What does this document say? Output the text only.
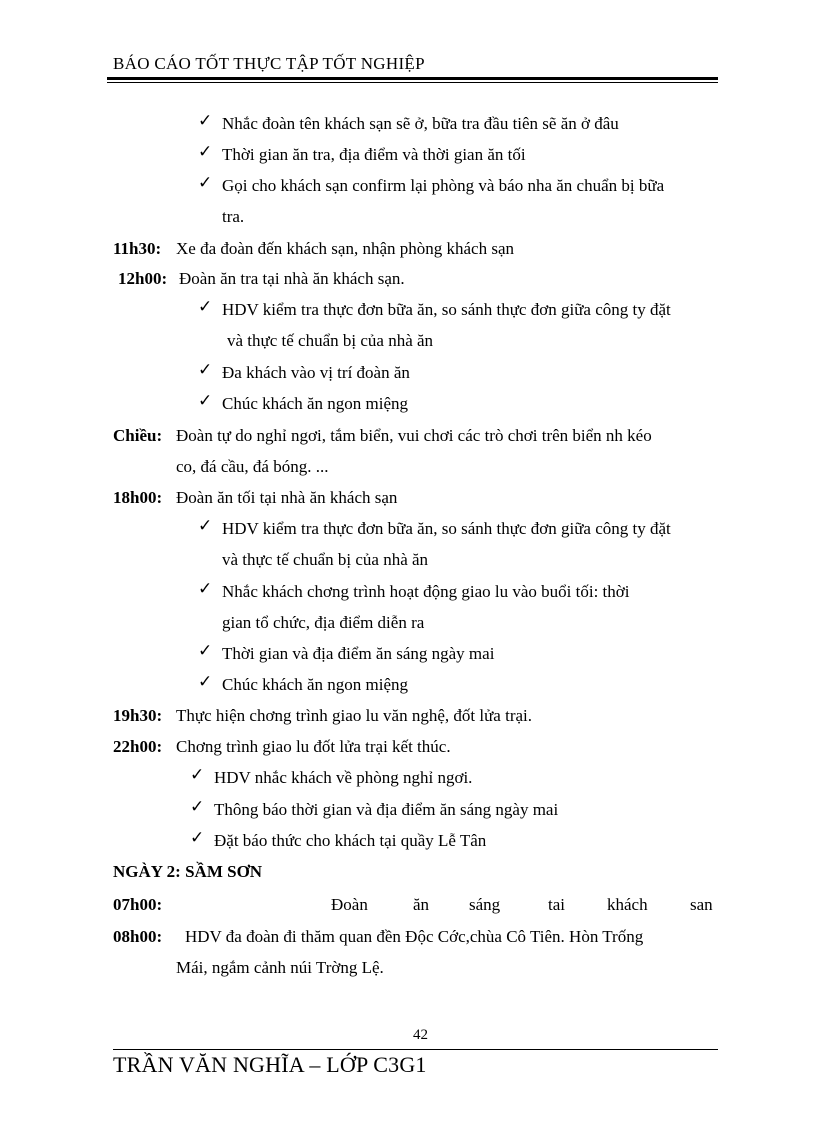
BÁO CÁO TỐT THỰC TẬP TỐT NGHIỆP
✓ Nhắc đoàn tên khách sạn sẽ ở, bữa tra đầu tiên sẽ ăn ở đâu
✓ Thời gian ăn tra, địa điểm và thời gian ăn tối
✓ Gọi cho khách sạn confirm lại phòng và báo nha ăn chuẩn bị bữa
tra.
11h30: Xe đa đoàn đến khách sạn, nhận phòng khách sạn
12h00: Đoàn ăn tra tại nhà ăn khách sạn.
✓ HDV kiểm tra thực đơn bữa ăn, so sánh thực đơn giữa công ty đặt
và thực tế chuẩn bị của nhà ăn
✓ Đa khách vào vị trí đoàn ăn
✓ Chúc khách ăn ngon miệng
Chiều: Đoàn tự do nghỉ ngơi, tắm biển, vui chơi các trò chơi trên biển nh kéo
co, đá cầu, đá bóng. ...
18h00: Đoàn ăn tối tại nhà ăn khách sạn
✓ HDV kiểm tra thực đơn bữa ăn, so sánh thực đơn giữa công ty đặt
và thực tế chuẩn bị của nhà ăn
✓ Nhắc khách chơng trình hoạt động giao lu vào buổi tối: thời
gian tổ chức, địa điểm diễn ra
✓ Thời gian và địa điểm ăn sáng ngày mai
✓ Chúc khách ăn ngon miệng
19h30: Thực hiện chơng trình giao lu văn nghệ, đốt lửa trại.
22h00: Chơng trình giao lu đốt lửa trại kết thúc.
✓ HDV nhắc khách về phòng nghỉ ngơi.
✓ Thông báo thời gian và địa điểm ăn sáng ngày mai
✓ Đặt báo thức cho khách tại quầy Lễ Tân
NGÀY 2: SẦM SƠN
07h00:	Đoàn	ăn sáng	tai khách san
08h00: HDV đa đoàn đi thăm quan đền Độc Cớc,chùa Cô Tiên. Hòn Trống
Mái, ngắm cảnh núi Trờng Lệ.
42
TRẦN VĂN NGHĨA – LỚP C3G1
